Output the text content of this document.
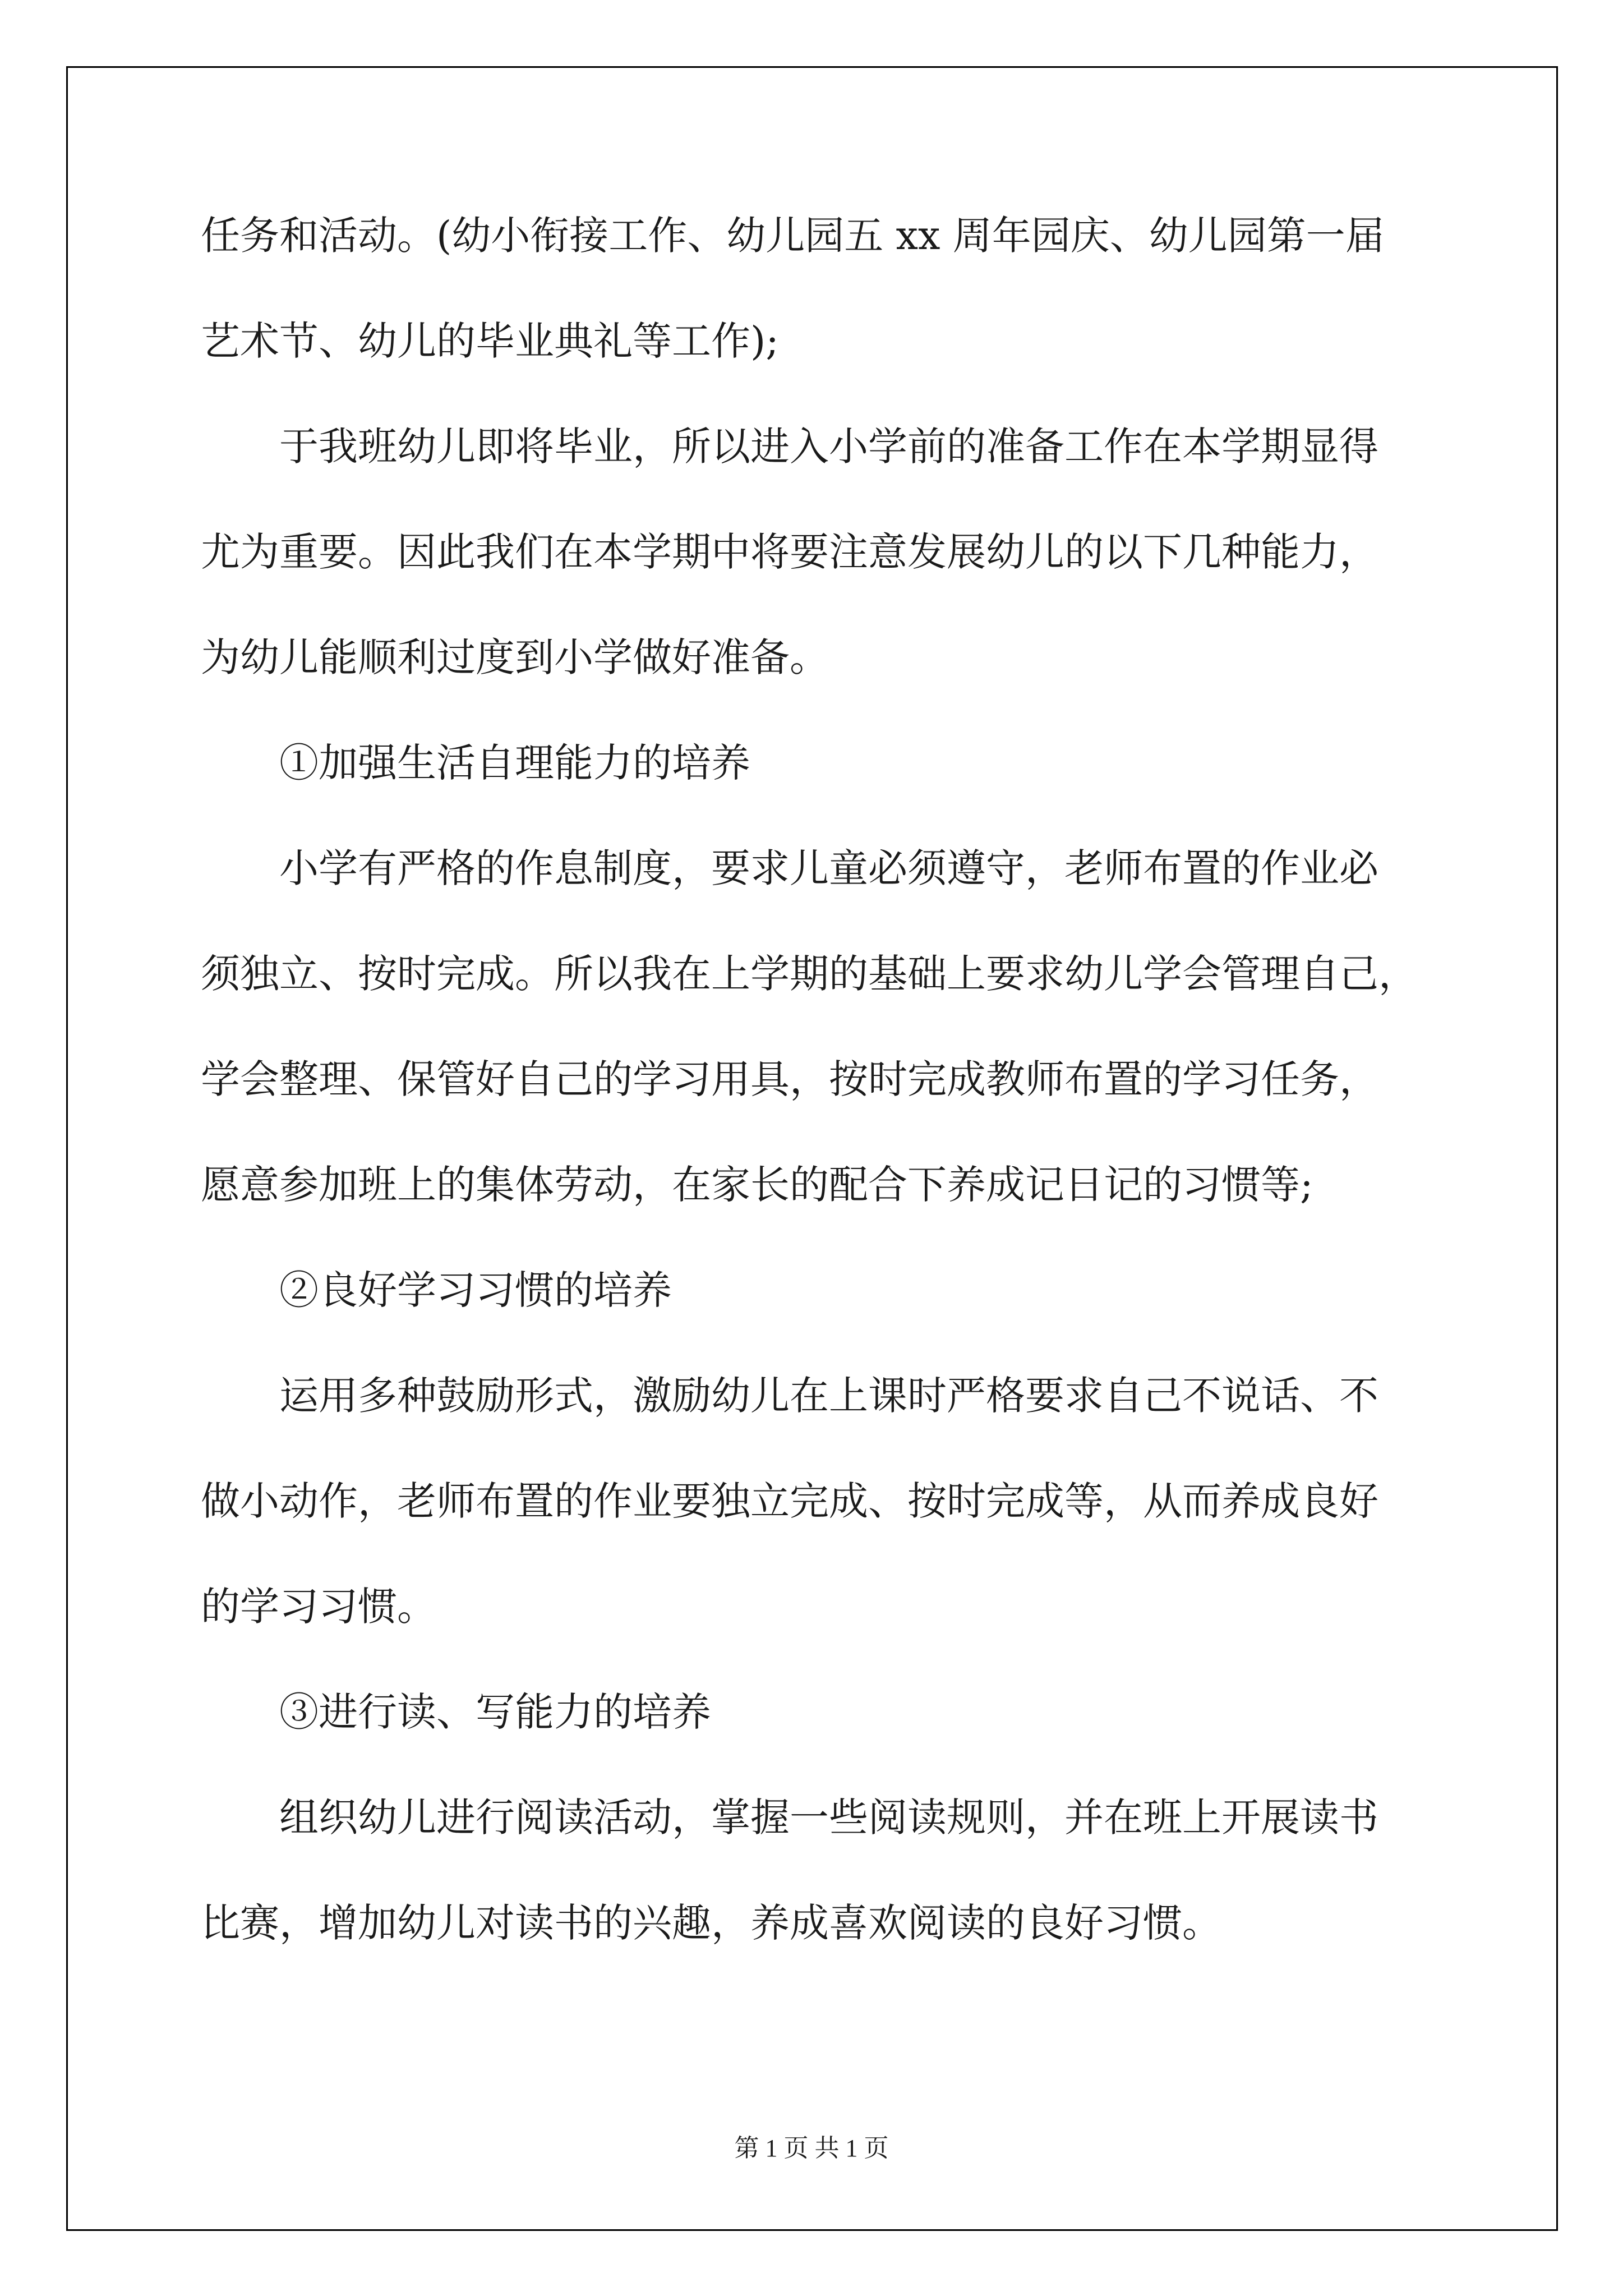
任务和活动。(幼小衔接工作、幼儿园五 xx 周年园庆、幼儿园第一届
艺术节、幼儿的毕业典礼等工作);
于我班幼儿即将毕业，所以进入小学前的准备工作在本学期显得
尤为重要。因此我们在本学期中将要注意发展幼儿的以下几种能力，
为幼儿能顺利过度到小学做好准备。
①加强生活自理能力的培养
小学有严格的作息制度，要求儿童必须遵守，老师布置的作业必
须独立、按时完成。所以我在上学期的基础上要求幼儿学会管理自己，
学会整理、保管好自己的学习用具，按时完成教师布置的学习任务，
愿意参加班上的集体劳动，在家长的配合下养成记日记的习惯等;
②良好学习习惯的培养
运用多种鼓励形式，激励幼儿在上课时严格要求自己不说话、不
做小动作，老师布置的作业要独立完成、按时完成等，从而养成良好
的学习习惯。
③进行读、写能力的培养
组织幼儿进行阅读活动，掌握一些阅读规则，并在班上开展读书
比赛，增加幼儿对读书的兴趣，养成喜欢阅读的良好习惯。
第 1 页 共 1 页
